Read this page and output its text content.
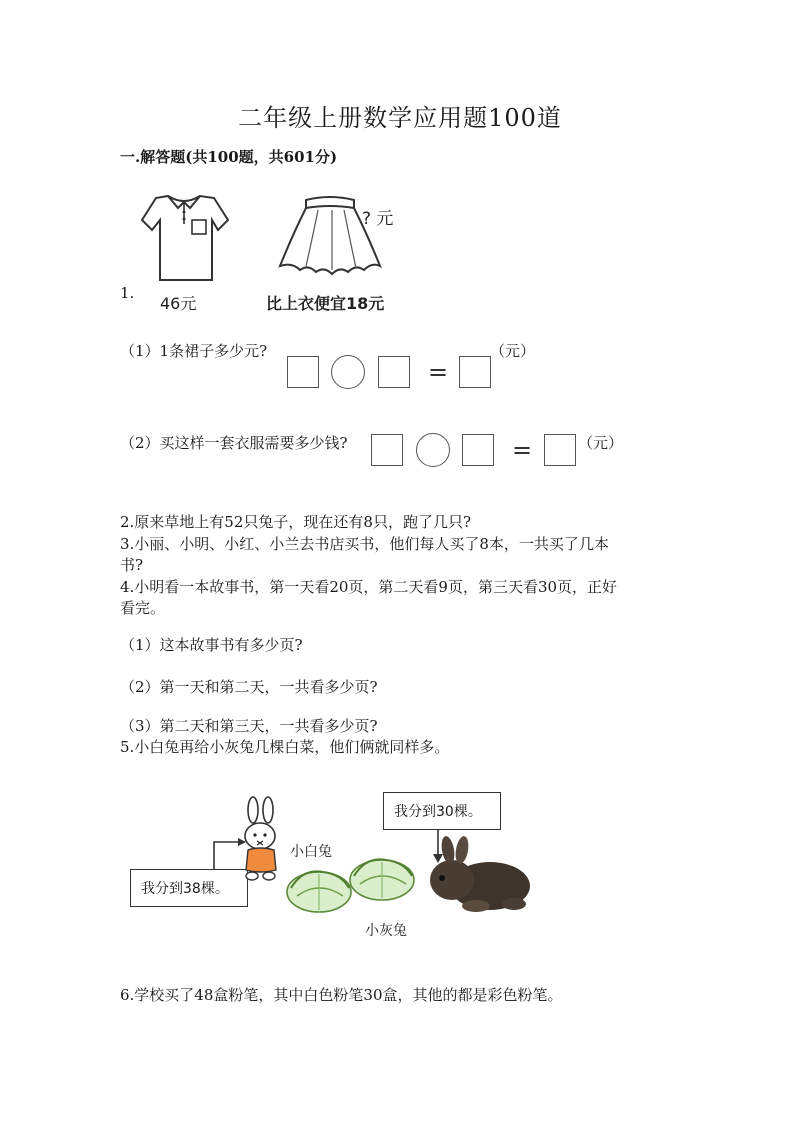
二年级上册数学应用题100道
一.解答题(共100题，共601分)
46元
? 元
比上衣便宜18元
1.
（1）1条裙子多少元?
=
（元）
（2）买这样一套衣服需要多少钱?	=	（元）
2.原来草地上有52只兔子，现在还有8只，跑了几只?
3.小丽、小明、小红、小兰去书店买书，他们每人买了8本，一共买了几本
书?
4.小明看一本故事书，第一天看20页，第二天看9页，第三天看30页，正好
看完。
（1）这本故事书有多少页?
（2）第一天和第二天，一共看多少页?
（3）第二天和第三天，一共看多少页?
5.小白兔再给小灰兔几棵白菜，他们俩就同样多。
我分到38棵。
小白兔
我分到30棵。
小灰兔
6.学校买了48盒粉笔，其中白色粉笔30盒，其他的都是彩色粉笔。
